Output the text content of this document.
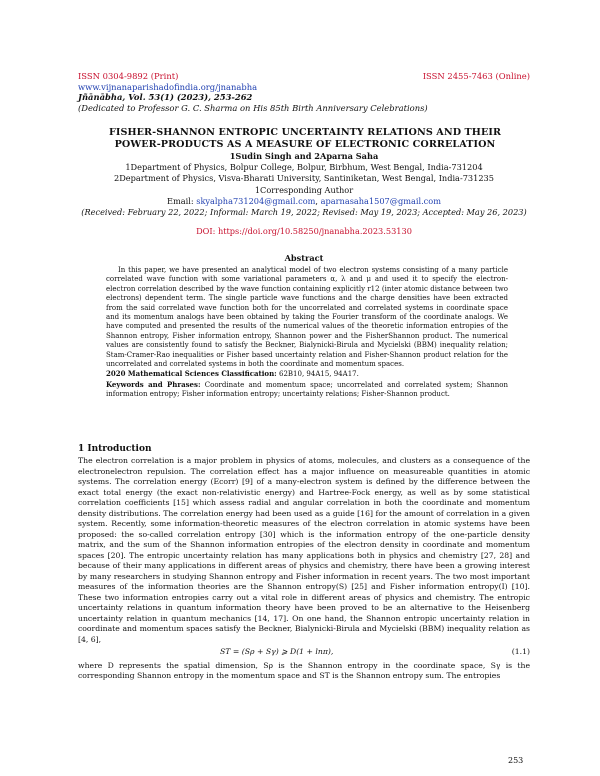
ISSN 0304-9892 (Print)	ISSN 2455-7463 (Online)
www.vijnanaparishadofindia.org/jnanabha
Jñānābha, Vol. 53(1) (2023), 253-262
(Dedicated to Professor G. C. Sharma on His 85th Birth Anniversary Celebrations)
FISHER-SHANNON ENTROPIC UNCERTAINTY RELATIONS AND THEIR
POWER-PRODUCTS AS A MEASURE OF ELECTRONIC CORRELATION
1Sudin Singh and 2Aparna Saha
1Department of Physics, Bolpur College, Bolpur, Birbhum, West Bengal, India-731204
2Department of Physics, Visva-Bharati University, Santiniketan, West Bengal, India-731235
1Corresponding Author
Email: skyalpha731204@gmail.com, aparnasaha1507@gmail.com
(Received: February 22, 2022; Informal: March 19, 2022; Revised: May 19, 2023; Accepted: May 26, 2023)
DOI: https://doi.org/10.58250/jnanabha.2023.53130
Abstract

In this paper, we have presented an analytical model of two electron systems consisting of a many particle correlated wave function with some variational parameters α, λ and μ and used it to specify the electron-electron correlation described by the wave function containing explicitly r12 (inter atomic distance between two electrons) dependent term. The single particle wave functions and the charge densities have been extracted from the said correlated wave function both for the uncorrelated and correlated systems in coordinate space and its momentum analogs have been obtained by taking the Fourier transform of the coordinate analogs. We have computed and presented the results of the numerical values of the theoretic information entropies of the Shannon entropy, Fisher information entropy, Shannon power and the FisherShannon product. The numerical values are consistently found to satisfy the Beckner, Bialynicki-Birula and Mycielski (BBM) inequality relation; Stam-Cramer-Rao inequalities or Fisher based uncertainty relation and Fisher-Shannon product relation for the uncorrelated and correlated systems in both the coordinate and momentum spaces.

2020 Mathematical Sciences Classification: 62B10, 94A15, 94A17.

Keywords and Phrases: Coordinate and momentum space; uncorrelated and correlated system; Shannon information entropy; Fisher information entropy; uncertainty relations; Fisher-Shannon product.

1 Introduction

The electron correlation is a major problem in physics of atoms, molecules, and clusters as a consequence of the electronelectron repulsion. The correlation effect has a major influence on measureable quantities in atomic systems. The correlation energy (Ecorr) [9] of a many-electron system is defined by the difference between the exact total energy (the exact non-relativistic energy) and Hartree-Fock energy, as well as by some statistical correlation coefficients [15] which assess radial and angular correlation in both the coordinate and momentum density distributions. The correlation energy had been used as a guide [16] for the amount of correlation in a given system. Recently, some information-theoretic measures of the electron correlation in atomic systems have been proposed: the so-called correlation entropy [30] which is the information entropy of the one-particle density matrix, and the sum of the Shannon information entropies of the electron density in coordinate and momentum spaces [20]. The entropic uncertainty relation has many applications both in physics and chemistry [27, 28] and because of their many applications in different areas of physics and chemistry, there have been a growing interest by many researchers in studying Shannon entropy and Fisher information in recent years. The two most important measures of the information theories are the Shannon entropy(S) [25] and Fisher information entropy(I) [10]. These two information entropies carry out a vital role in different areas of physics and chemistry. The entropic uncertainty relations in quantum information theory have been proved to be an alternative to the Heisenberg uncertainty relation in quantum mechanics [14, 17]. On one hand, the Shannon entropic uncertainty relation in coordinate and momentum spaces satisfy the Beckner, Bialynicki-Birula and Mycielski (BBM) inequality relation as [4, 6],

ST = (Sρ + Sγ) ⩾ D(1 + lnπ),	(1.1)

where D represents the spatial dimension, Sρ is the Shannon entropy in the coordinate space, Sγ is the corresponding Shannon entropy in the momentum space and ST is the Shannon entropy sum. The entropies

253
